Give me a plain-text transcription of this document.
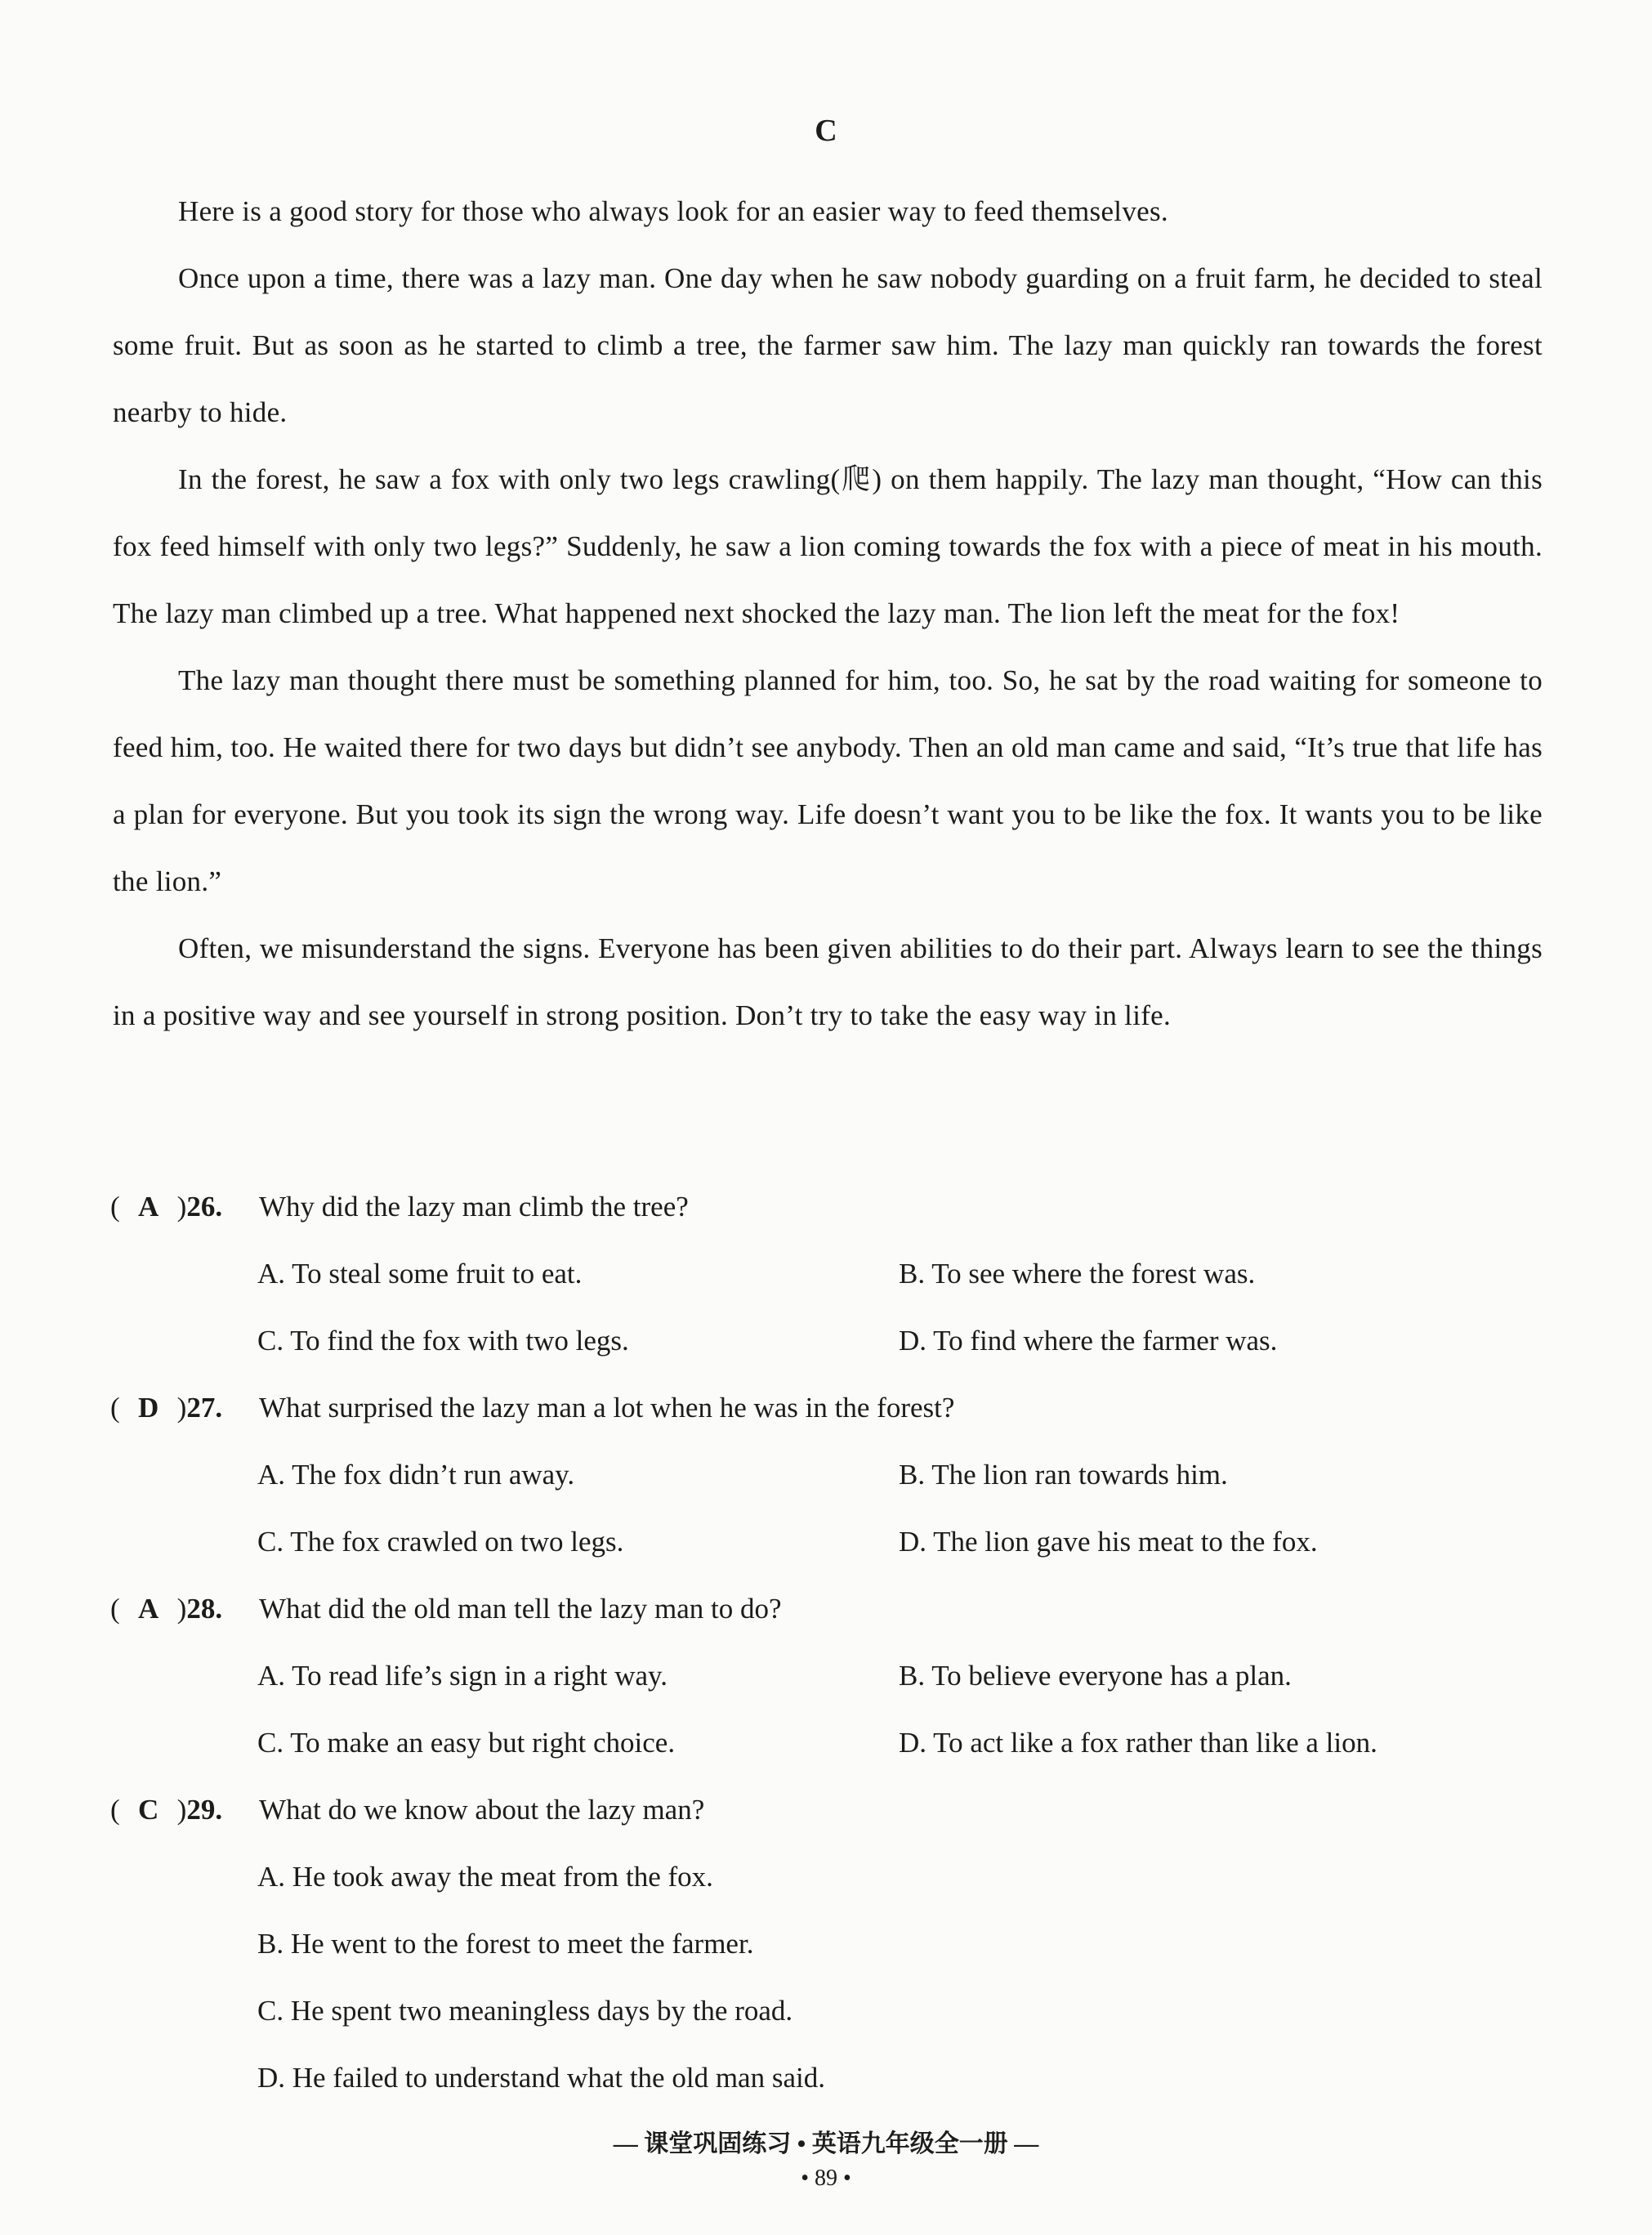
C

Here is a good story for those who always look for an easier way to feed themselves.

Once upon a time, there was a lazy man. One day when he saw nobody guarding on a fruit farm, he decided to steal some fruit. But as soon as he started to climb a tree, the farmer saw him. The lazy man quickly ran towards the forest nearby to hide.

In the forest, he saw a fox with only two legs crawling(爬) on them happily. The lazy man thought, “How can this fox feed himself with only two legs?” Suddenly, he saw a lion coming towards the fox with a piece of meat in his mouth. The lazy man climbed up a tree. What happened next shocked the lazy man. The lion left the meat for the fox!

The lazy man thought there must be something planned for him, too. So, he sat by the road waiting for someone to feed him, too. He waited there for two days but didn’t see anybody. Then an old man came and said, “It’s true that life has a plan for everyone. But you took its sign the wrong way. Life doesn’t want you to be like the fox. It wants you to be like the lion.”

Often, we misunderstand the signs. Everyone has been given abilities to do their part. Always learn to see the things in a positive way and see yourself in strong position. Don’t try to take the easy way in life.

( A )26. Why did the lazy man climb the tree?
A. To steal some fruit to eat.	B. To see where the forest was.
C. To find the fox with two legs.	D. To find where the farmer was.
( D )27. What surprised the lazy man a lot when he was in the forest?
A. The fox didn’t run away.	B. The lion ran towards him.
C. The fox crawled on two legs.	D. The lion gave his meat to the fox.
( A )28. What did the old man tell the lazy man to do?
A. To read life’s sign in a right way.	B. To believe everyone has a plan.
C. To make an easy but right choice.	D. To act like a fox rather than like a lion.
( C )29. What do we know about the lazy man?
A. He took away the meat from the fox.
B. He went to the forest to meet the farmer.
C. He spent two meaningless days by the road.
D. He failed to understand what the old man said.
— 课堂巩固练习 • 英语九年级全一册 —
• 89 •
